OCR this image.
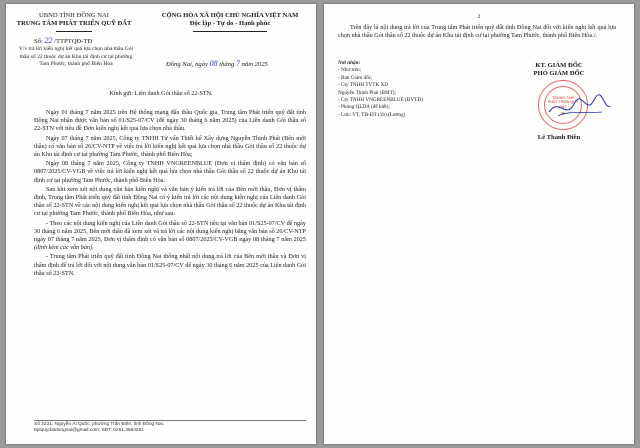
UBND TỈNH ĐỒNG NAI
TRUNG TÂM PHÁT TRIỂN QUỸ ĐẤT
CỘNG HÒA XÃ HỘI CHỦ NGHĨA VIỆT NAM
Độc lập - Tự do - Hạnh phúc
Số: 22 /TTPTQĐ-TĐ
Đồng Nai, ngày 08 tháng 7 năm 2025
V/v trả lời kiến nghị kết quả lựa chọn nhà thầu Gói thầu số 22 thuộc dự án Khu tái định cư tại phường Tam Phước, thành phố Biên Hòa
Kính gửi: Liên danh Gói thầu số 22-STN.

Ngày 01 tháng 7 năm 2025 trên Hệ thống mạng đấu thầu Quốc gia, Trung tâm Phát triển quỹ đất tỉnh Đồng Nai nhận được văn bản số 01/S25-07/CV (để ngày 30 tháng 6 năm 2025) của Liên danh Gói thầu số 22-STN với tiêu đề Đơn kiến nghị kết quả lựa chọn nhà thầu.

Ngày 07 tháng 7 năm 2025, Công ty TNHH Tư vấn Thiết kế Xây dựng Nguyễn Thịnh Phát (Bên mời thầu) có văn bản số 26/CV-NTP về việc trả lời kiến nghị kết quả lựa chọn nhà thầu Gói thầu số 22 thuộc dự án Khu tái định cư tại phường Tam Phước, thành phố Biên Hòa;

Ngày 08 tháng 7 năm 2025, Công ty TNHH VNGREENBLUE (Đơn vị thẩm định) có văn bản số 0807/2025/CV-VGB về việc trả lời kiến nghị kết quả lựa chọn nhà thầu Gói thầu số 22 thuộc dự án Khu tái định cư tại phường Tam Phước, thành phố Biên Hòa.

Sau khi xem xét nội dung văn bản kiến nghị và văn bản ý kiến trả lời của Bên mời thầu, Đơn vị thẩm định, Trung tâm Phát triển quỹ đất tỉnh Đồng Nai có ý kiến trả lời các nội dung kiến nghị của Liên danh Gói thầu số 22-STN về các nội dung kiến nghị kết quả lựa chọn nhà thầu Gói thầu số 22 thuộc dự án Khu tái định cư tại phường Tam Phước, thành phố Biên Hòa, như sau:

- Theo các nội dung kiến nghị của Liên danh Gói thầu số 22-STN nêu tại văn bản 01/S25-07/CV để ngày 30 tháng 6 năm 2025, Bên mời thầu đã xem xét và trả lời các nội dung kiến nghị bằng văn bản số 26/CV-NTP ngày 07 tháng 7 năm 2025, Đơn vị thẩm định có văn bản số 0807/2025/CV-VGB ngày 08 tháng 7 năm 2025 (định kèm các văn bản).

- Trung tâm Phát triển quỹ đất tỉnh Đồng Nai thống nhất nội dung trả lời của Bên mời thầu và Đơn vị thẩm định để trả lời đối với nội dung văn bản 01/S25-07/CV để ngày 30 tháng 6 năm 2025 của Liên danh Gói thầu số 22-STN.

Số 2231, Nguyễn Ái Quốc, phường Trấn Biên, tỉnh Đồng Nai.
ttptquydatdongnai@gmail.com; SĐT: 0251.3684281
2
Trên đây là nội dung trả lời của Trung tâm Phát triển quỹ đất tỉnh Đồng Nai đối với kiến nghị kết quả lựa chọn nhà thầu Gói thầu số 22 thuộc dự án Khu tái định cư tại phường Tam Phước, thành phố Biên Hòa./.
Nơi nhận:
- Như trên;
- Ban Giám đốc;
- Cty TNHH TVTK XD
Nguyễn Thịnh Phát (BMT);
- Cty TNHH VNGREENBLUE (ĐVTĐ)
- Phòng QLDA (để biết);
- Lưu: VT, TĐ-ĐT (1b).(Lương)
KT. GIÁM ĐỐC
PHÓ GIÁM ĐỐC
TRUNG TÂM PHÁT TRIỂN QUỸ ĐẤT
★
Lê Thanh Điền
